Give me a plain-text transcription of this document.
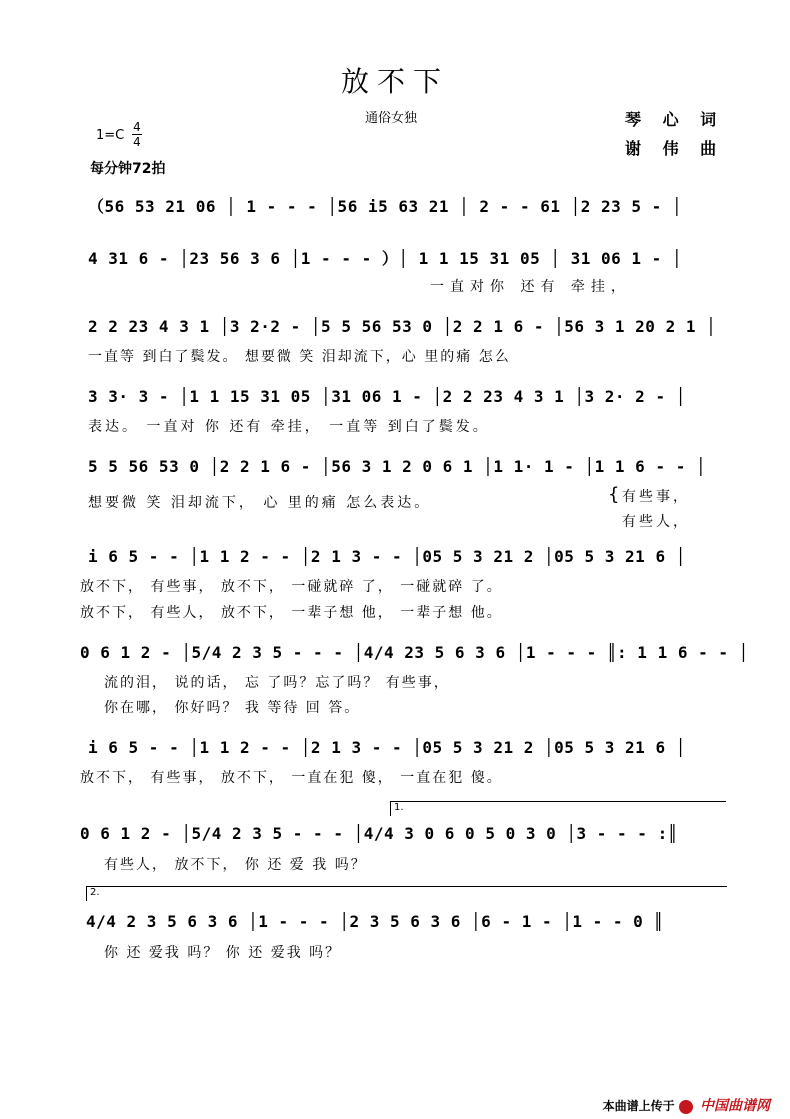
放不下
通俗女独	琴 心 词
谢 伟 曲
1=C
4
4
每分钟72拍
（56 53 21 06 │ 1 - - - │56 i5 63 21 │ 2 - - 61 │2 23 5 - │
4 31 6 - │23 56 3 6 │1 - - - ）│ 1 1 15 31 05 │ 31 06 1 - │
一直对你 还有 牵挂，
2 2 23 4 3 1 │3 2·2 - │5 5 56 53 0 │2 2 1 6 - │56 3 1 20 2 1 │
一直等 到白了鬓发。 想要微 笑 泪却流下，心 里的痛 怎么
3 3· 3 - │1 1 15 31 05 │31 06 1 - │2 2 23 4 3 1 │3 2· 2 - │
表达。 一直对 你 还有 牵挂， 一直等 到白了鬓发。
5 5 56 53 0 │2 2 1 6 - │56 3 1 2 0 6 1 │1 1· 1 - │1 1 6 - - │
想要微 笑 泪却流下， 心 里的痛 怎么表达。	{
有些事，
有些人，
i 6 5 - - │1 1 2 - - │2 1 3 - - │05 5 3 21 2 │05 5 3 21 6 │
放不下， 有些事， 放不下， 一碰就碎 了， 一碰就碎 了。
放不下， 有些人， 放不下， 一辈子想 他， 一辈子想 他。
0 6 1 2 - │5/4 2 3 5 - - - │4/4 23 5 6 3 6 │1 - - - ║: 1 1 6 - - │
流的泪， 说的话， 忘 了吗？忘了吗？ 有些事，
你在哪， 你好吗？ 我 等待 回 答。
i 6 5 - - │1 1 2 - - │2 1 3 - - │05 5 3 21 2 │05 5 3 21 6 │
放不下， 有些事， 放不下， 一直在犯 傻， 一直在犯 傻。
1.
0 6 1 2 - │5/4 2 3 5 - - - │4/4 3 0 6 0 5 0 3 0 │3 - - - :║
有些人， 放不下， 你 还 爱 我 吗？
2.
4/4 2 3 5 6 3 6 │1 - - - │2 3 5 6 3 6 │6 - 1 - │1 - - 0 ║
你 还 爱我 吗？ 你 还 爱我 吗？
本曲谱上传于 中国曲谱网
